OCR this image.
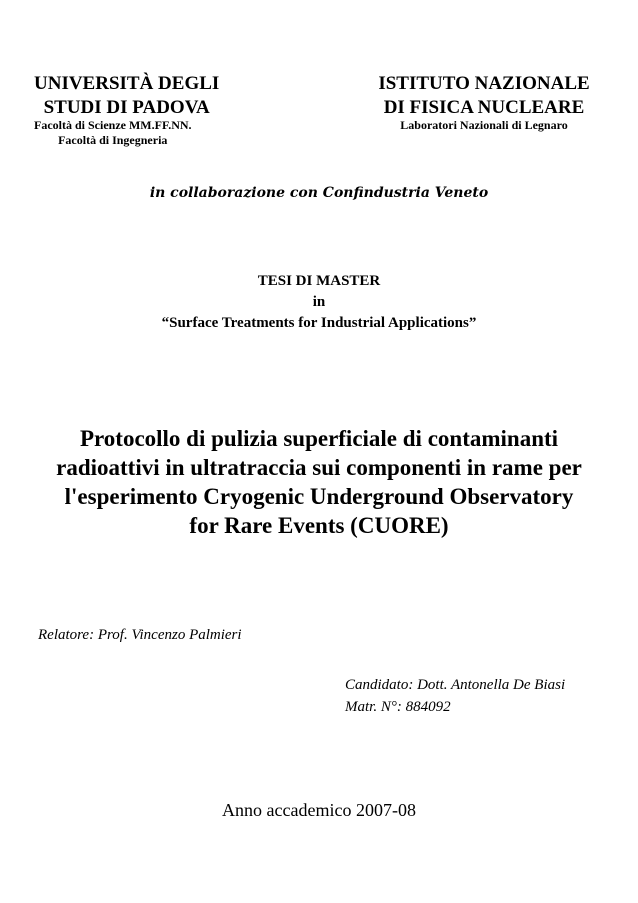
UNIVERSITÀ DEGLI
STUDI DI PADOVA
Facoltà di Scienze MM.FF.NN.
Facoltà di Ingegneria
ISTITUTO NAZIONALE
DI FISICA NUCLEARE
Laboratori Nazionali di Legnaro
in collaborazione con Confindustria Veneto
TESI DI MASTER
in
“Surface Treatments for Industrial Applications”
Protocollo di pulizia superficiale di contaminanti
radioattivi in ultratraccia sui componenti in rame per
l'esperimento Cryogenic Underground Observatory
for Rare Events (CUORE)
Relatore: Prof. Vincenzo Palmieri
Candidato: Dott. Antonella De Biasi
Matr. N°: 884092
Anno accademico 2007-08
